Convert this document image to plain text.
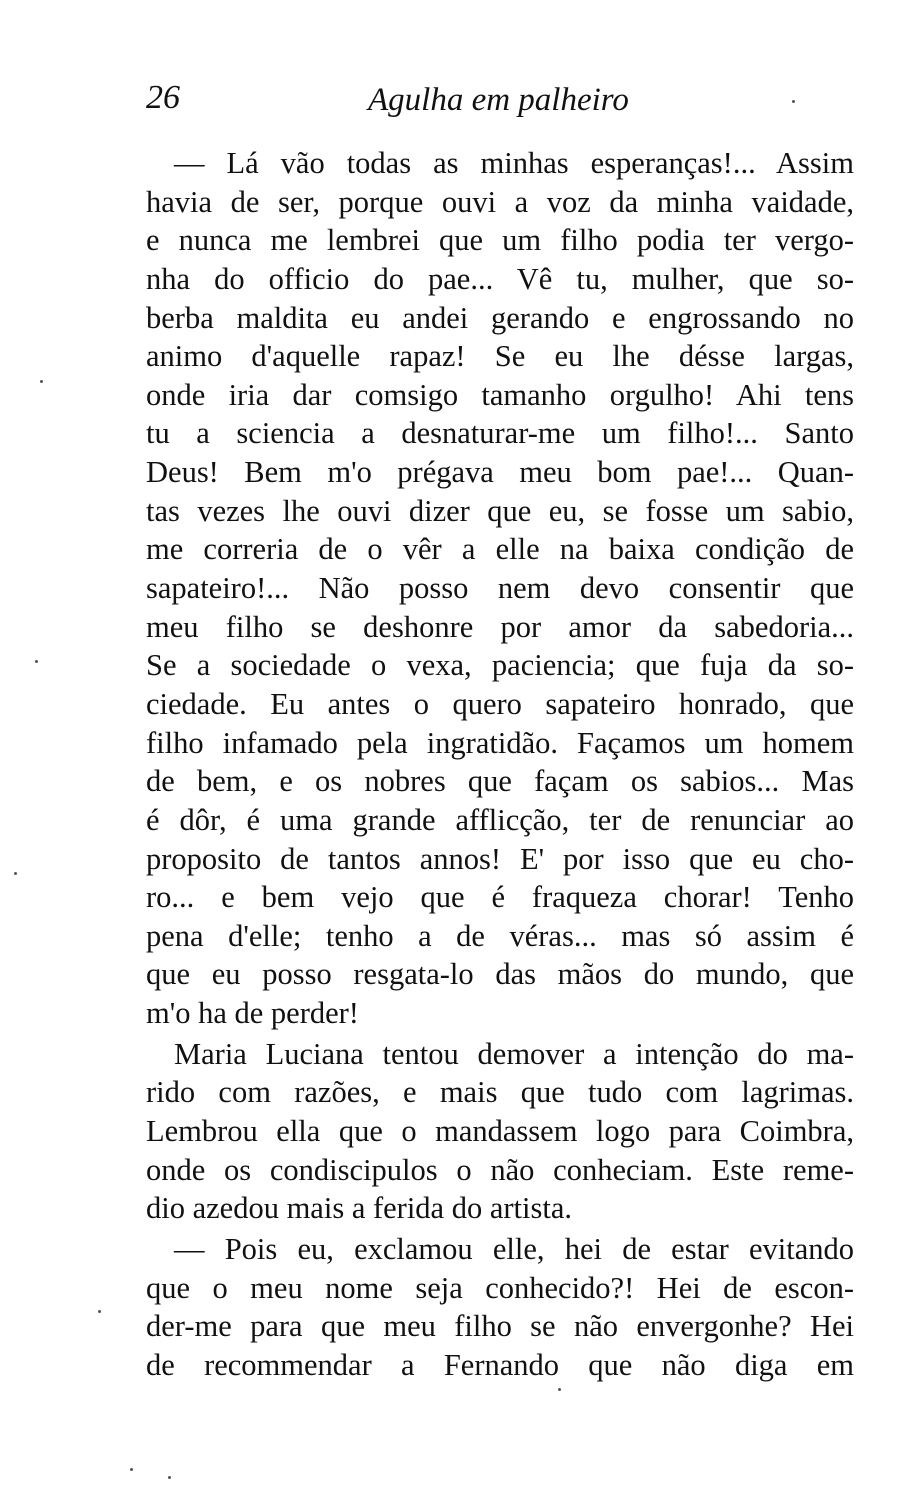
26	Agulha em palheiro
— Lá vão todas as minhas esperanças!... Assim
havia de ser, porque ouvi a voz da minha vaidade,
e nunca me lembrei que um filho podia ter vergo-
nha do officio do pae... Vê tu, mulher, que so-
berba maldita eu andei gerando e engrossando no
animo d'aquelle rapaz! Se eu lhe désse largas,
onde iria dar comsigo tamanho orgulho! Ahi tens
tu a sciencia a desnaturar-me um filho!... Santo
Deus! Bem m'o prégava meu bom pae!... Quan-
tas vezes lhe ouvi dizer que eu, se fosse um sabio,
me correria de o vêr a elle na baixa condição de
sapateiro!... Não posso nem devo consentir que
meu filho se deshonre por amor da sabedoria...
Se a sociedade o vexa, paciencia; que fuja da so-
ciedade. Eu antes o quero sapateiro honrado, que
filho infamado pela ingratidão. Façamos um homem
de bem, e os nobres que façam os sabios... Mas
é dôr, é uma grande afflicção, ter de renunciar ao
proposito de tantos annos! E' por isso que eu cho-
ro... e bem vejo que é fraqueza chorar! Tenho
pena d'elle; tenho a de véras... mas só assim é
que eu posso resgata-lo das mãos do mundo, que
m'o ha de perder!
Maria Luciana tentou demover a intenção do ma-
rido com razões, e mais que tudo com lagrimas.
Lembrou ella que o mandassem logo para Coimbra,
onde os condiscipulos o não conheciam. Este reme-
dio azedou mais a ferida do artista.
— Pois eu, exclamou elle, hei de estar evitando
que o meu nome seja conhecido?! Hei de escon-
der-me para que meu filho se não envergonhe? Hei
de recommendar a Fernando que não diga em
